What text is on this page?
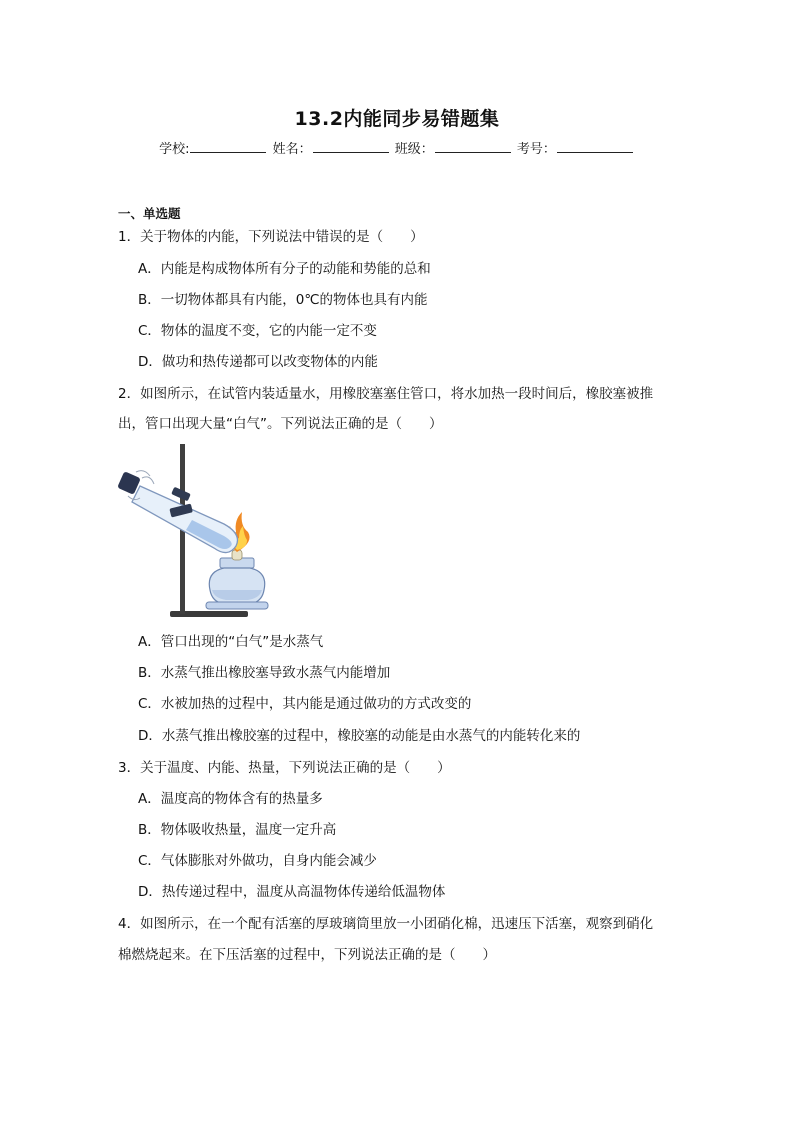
13.2内能同步易错题集
学校:	姓名：	班级：	考号：
一、单选题
1．关于物体的内能，下列说法中错误的是（　　）
A．内能是构成物体所有分子的动能和势能的总和
B．一切物体都具有内能，0℃的物体也具有内能
C．物体的温度不变，它的内能一定不变
D．做功和热传递都可以改变物体的内能
2．如图所示，在试管内装适量水，用橡胶塞塞住管口，将水加热一段时间后，橡胶塞被推
出，管口出现大量“白气”。下列说法正确的是（　　）
A．管口出现的“白气”是水蒸气
B．水蒸气推出橡胶塞导致水蒸气内能增加
C．水被加热的过程中，其内能是通过做功的方式改变的
D．水蒸气推出橡胶塞的过程中，橡胶塞的动能是由水蒸气的内能转化来的
3．关于温度、内能、热量，下列说法正确的是（　　）
A．温度高的物体含有的热量多
B．物体吸收热量，温度一定升高
C．气体膨胀对外做功，自身内能会减少
D．热传递过程中，温度从高温物体传递给低温物体
4．如图所示，在一个配有活塞的厚玻璃筒里放一小团硝化棉，迅速压下活塞，观察到硝化
棉燃烧起来。在下压活塞的过程中，下列说法正确的是（　　）
